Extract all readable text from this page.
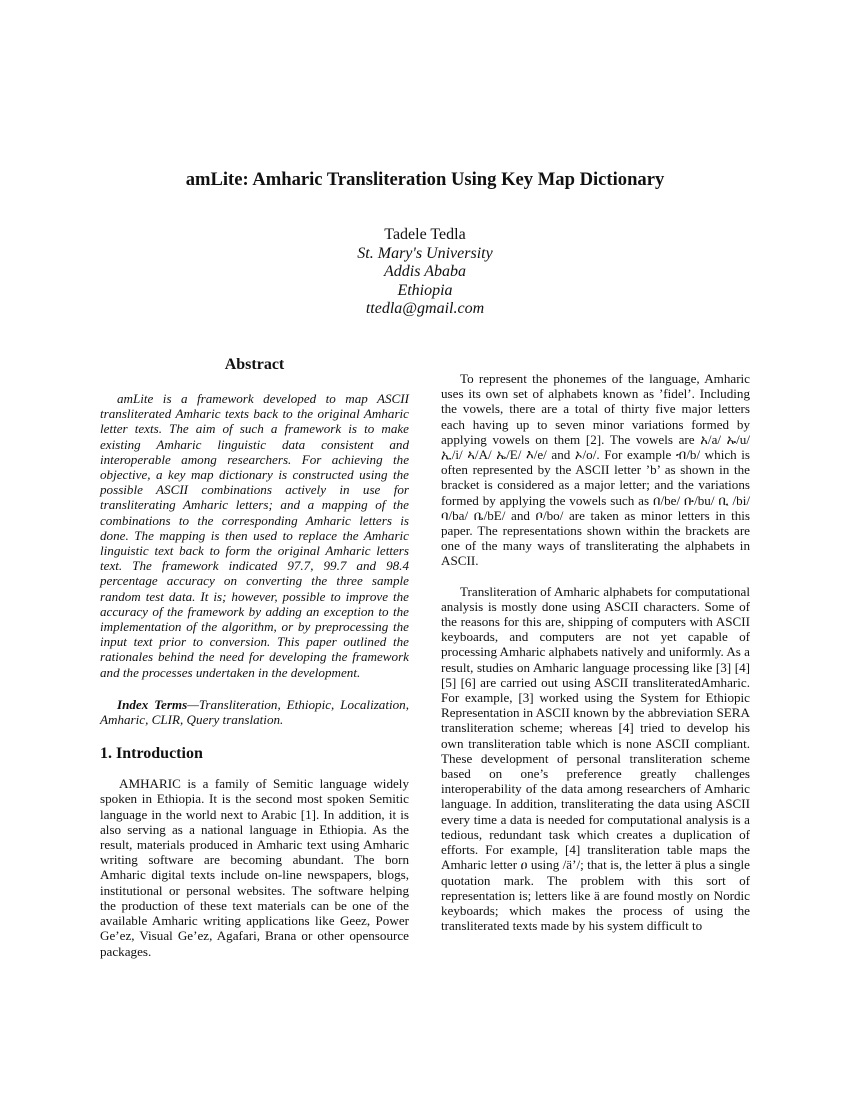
amLite: Amharic Transliteration Using Key Map Dictionary
Tadele Tedla
St. Mary's University
Addis Ababa
Ethiopia
ttedla@gmail.com
Abstract

amLite is a framework developed to map ASCII transliterated Amharic texts back to the original Amharic letter texts. The aim of such a framework is to make existing Amharic linguistic data consistent and interoperable among researchers. For achieving the objective, a key map dictionary is constructed using the possible ASCII combinations actively in use for transliterating Amharic letters; and a mapping of the combinations to the corresponding Amharic letters is done. The mapping is then used to replace the Amharic linguistic text back to form the original Amharic letters text. The framework indicated 97.7, 99.7 and 98.4 percentage accuracy on converting the three sample random test data. It is; however, possible to improve the accuracy of the framework by adding an exception to the implementation of the algorithm, or by preprocessing the input text prior to conversion. This paper outlined the rationales behind the need for developing the framework and the processes undertaken in the development.

Index Terms—Transliteration, Ethiopic, Localization, Amharic, CLIR, Query translation.

1. Introduction

AMHARIC is a family of Semitic language widely spoken in Ethiopia. It is the second most spoken Semitic language in the world next to Arabic [1]. In addition, it is also serving as a national language in Ethiopia. As the result, materials produced in Amharic text using Amharic writing software are becoming abundant. The born Amharic digital texts include on-line newspapers, blogs, institutional or personal websites. The software helping the production of these text materials can be one of the available Amharic writing applications like Geez, Power Ge’ez, Visual Ge’ez, Agafari, Brana or other opensource packages.

To represent the phonemes of the language, Amharic uses its own set of alphabets known as ’fidel’. Including the vowels, there are a total of thirty five major letters each having up to seven minor variations formed by applying vowels on them [2]. The vowels are አ/a/ ኡ/u/ ኢ/i/ ኣ/A/ ኤ/E/ እ/e/ and ኦ/o/. For example ብ/b/ which is often represented by the ASCII letter ’b’ as shown in the bracket is considered as a major letter; and the variations formed by applying the vowels such as በ/be/ ቡ/bu/ ቢ /bi/ ባ/ba/ ቤ/bE/ and ቦ/bo/ are taken as minor letters in this paper. The representations shown within the brackets are one of the many ways of transliterating the alphabets in ASCII.

Transliteration of Amharic alphabets for computational analysis is mostly done using ASCII characters. Some of the reasons for this are, shipping of computers with ASCII keyboards, and computers are not yet capable of processing Amharic alphabets natively and uniformly. As a result, studies on Amharic language processing like [3] [4] [5] [6] are carried out using ASCII transliteratedAmharic. For example, [3] worked using the System for Ethiopic Representation in ASCII known by the abbreviation SERA transliteration scheme; whereas [4] tried to develop his own transliteration table which is none ASCII compliant. These development of personal transliteration scheme based on one’s preference greatly challenges interoperability of the data among researchers of Amharic language. In addition, transliterating the data using ASCII every time a data is needed for computational analysis is a tedious, redundant task which creates a duplication of efforts. For example, [4] transliteration table maps the Amharic letter ዐ using /ä’/; that is, the letter ä plus a single quotation mark. The problem with this sort of representation is; letters like ä are found mostly on Nordic keyboards; which makes the process of using the transliterated texts made by his system difficult to
